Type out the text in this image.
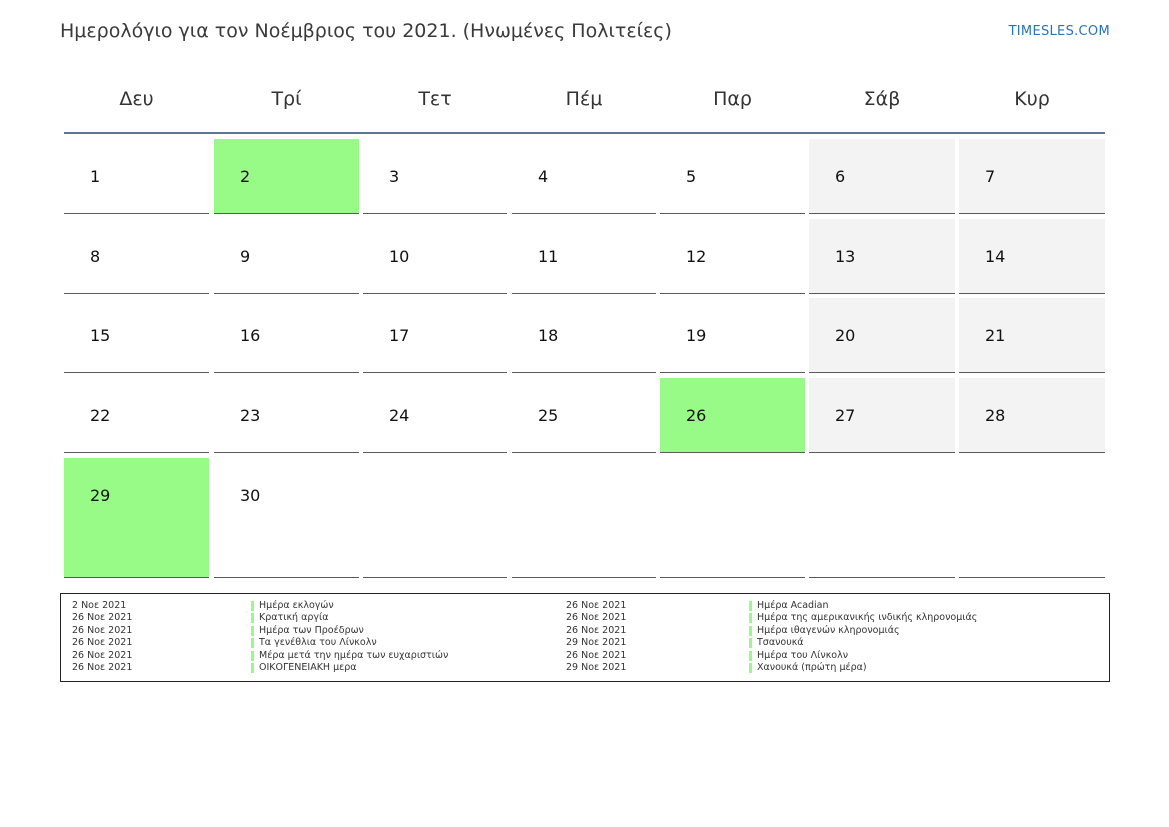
Ημερολόγιο για τον Νοέμβριος του 2021. (Ηνωμένες Πολιτείες)	TIMESLES.COM
Δευ	Τρί	Τετ	Πέμ	Παρ	Σάβ	Κυρ
1	2	3	4	5	6	7
8	9	10	11	12	13	14
15	16	17	18	19	20	21
22	23	24	25	26	27	28
29	30
2 Νοε 2021	Ημέρα εκλογών
26 Νοε 2021	Κρατική αργία
26 Νοε 2021	Ημέρα των Προέδρων
26 Νοε 2021	Τα γενέθλια του Λίνκολν
26 Νοε 2021	Μέρα μετά την ημέρα των ευχαριστιών
26 Νοε 2021	ΟΙΚΟΓΕΝΕΙΑΚΗ μερα
26 Νοε 2021	Ημέρα Acadian
26 Νοε 2021	Ημέρα της αμερικανικής ινδικής κληρονομιάς
26 Νοε 2021	Ημέρα ιθαγενών κληρονομιάς
29 Νοε 2021	Τσανουκά
26 Νοε 2021	Ημέρα του Λίνκολν
29 Νοε 2021	Χανουκά (πρώτη μέρα)
